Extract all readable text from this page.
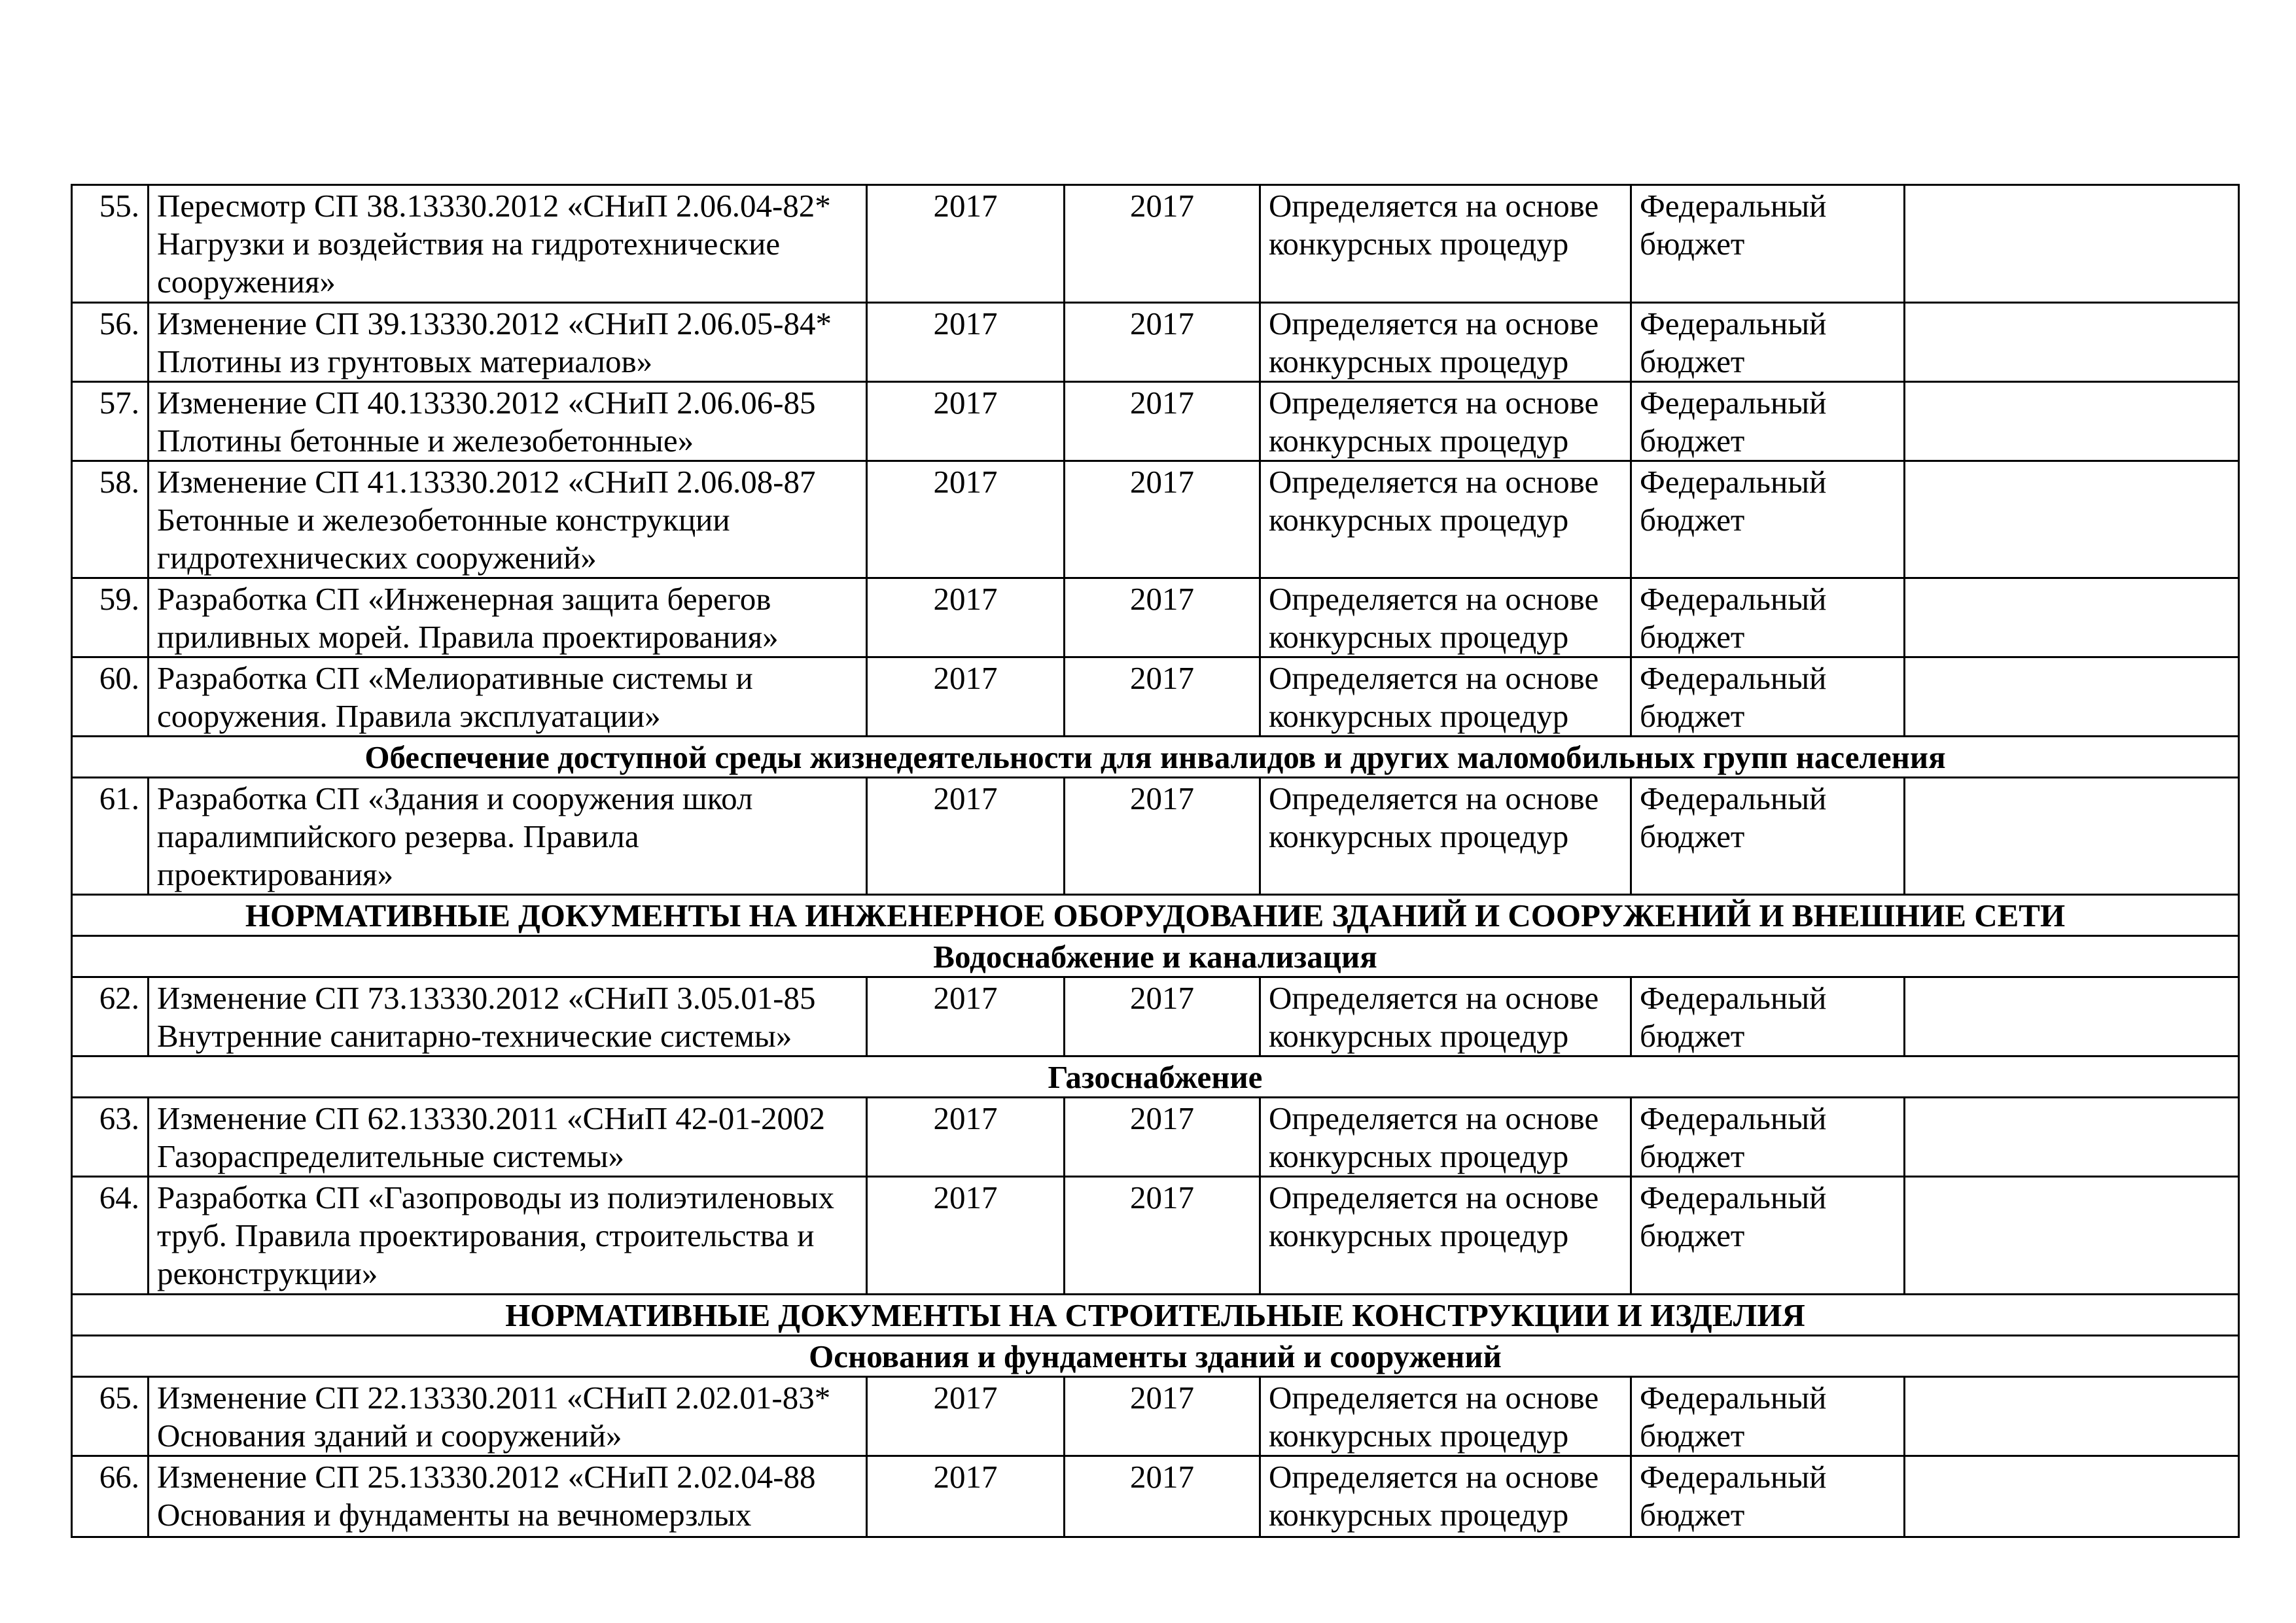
55.	Пересмотр СП 38.13330.2012 «СНиП 2.06.04-82* Нагрузки и воздействия на гидротехнические сооружения»	2017	2017	Определяется на основе конкурсных процедур	Федеральный бюджет	
56.	Изменение СП 39.13330.2012 «СНиП 2.06.05-84* Плотины из грунтовых материалов»	2017	2017	Определяется на основе конкурсных процедур	Федеральный бюджет	
57.	Изменение СП 40.13330.2012 «СНиП 2.06.06-85 Плотины бетонные и железобетонные»	2017	2017	Определяется на основе конкурсных процедур	Федеральный бюджет	
58.	Изменение СП 41.13330.2012 «СНиП 2.06.08-87 Бетонные и железобетонные конструкции гидротехнических сооружений»	2017	2017	Определяется на основе конкурсных процедур	Федеральный бюджет	
59.	Разработка СП «Инженерная защита берегов приливных морей. Правила проектирования»	2017	2017	Определяется на основе конкурсных процедур	Федеральный бюджет	
60.	Разработка СП «Мелиоративные системы и сооружения. Правила эксплуатации»	2017	2017	Определяется на основе конкурсных процедур	Федеральный бюджет	
Обеспечение доступной среды жизнедеятельности для инвалидов и других маломобильных групп населения						
61.	Разработка СП «Здания и сооружения школ паралимпийского резерва. Правила проектирования»	2017	2017	Определяется на основе конкурсных процедур	Федеральный бюджет	
НОРМАТИВНЫЕ ДОКУМЕНТЫ НА ИНЖЕНЕРНОЕ ОБОРУДОВАНИЕ ЗДАНИЙ И СООРУЖЕНИЙ И ВНЕШНИЕ СЕТИ						
Водоснабжение и канализация						
62.	Изменение СП 73.13330.2012 «СНиП 3.05.01-85 Внутренние санитарно-технические системы»	2017	2017	Определяется на основе конкурсных процедур	Федеральный бюджет	
Газоснабжение						
63.	Изменение СП 62.13330.2011 «СНиП 42-01-2002 Газораспределительные системы»	2017	2017	Определяется на основе конкурсных процедур	Федеральный бюджет	
64.	Разработка СП «Газопроводы из полиэтиленовых труб. Правила проектирования, строительства и реконструкции»	2017	2017	Определяется на основе конкурсных процедур	Федеральный бюджет	
НОРМАТИВНЫЕ ДОКУМЕНТЫ НА СТРОИТЕЛЬНЫЕ КОНСТРУКЦИИ И ИЗДЕЛИЯ						
Основания и фундаменты зданий и сооружений						
65.	Изменение СП 22.13330.2011 «СНиП 2.02.01-83* Основания зданий и сооружений»	2017	2017	Определяется на основе конкурсных процедур	Федеральный бюджет	
66.	Изменение СП 25.13330.2012 «СНиП 2.02.04-88 Основания и фундаменты на вечномерзлых	2017	2017	Определяется на основе конкурсных процедур	Федеральный бюджет	
